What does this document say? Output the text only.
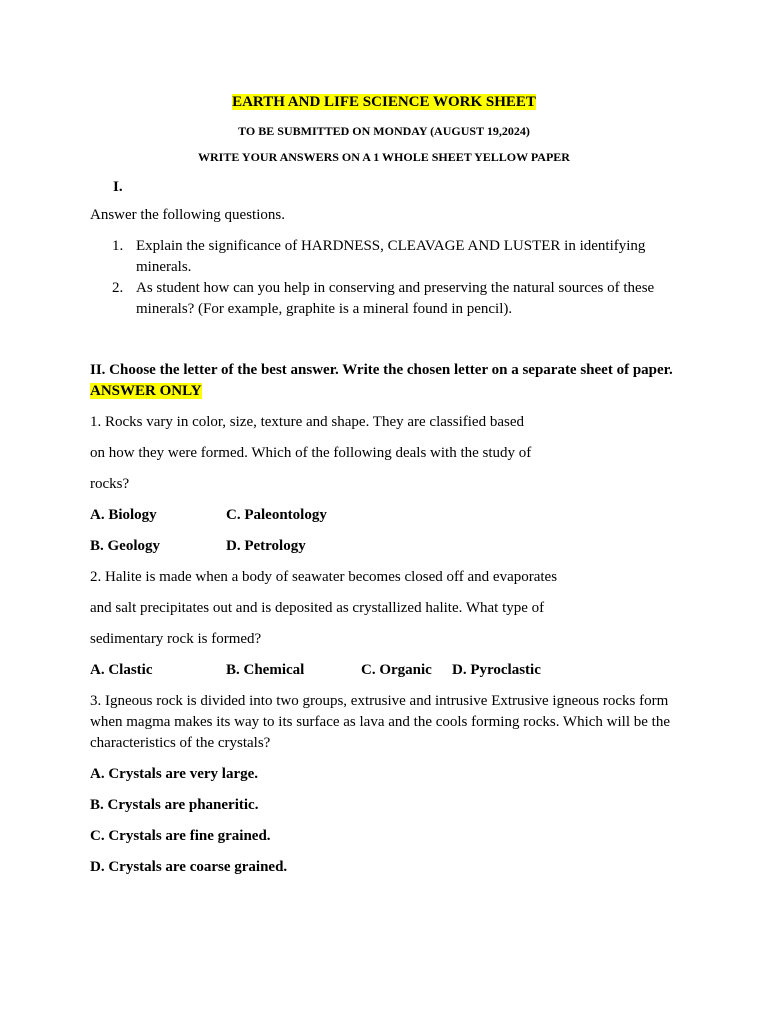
EARTH AND LIFE SCIENCE WORK SHEET
TO BE SUBMITTED ON MONDAY (AUGUST 19,2024)
WRITE YOUR ANSWERS ON A 1 WHOLE SHEET YELLOW PAPER
I.
Answer the following questions.
1. Explain the significance of HARDNESS, CLEAVAGE AND LUSTER in identifying minerals.
2. As student how can you help in conserving and preserving the natural sources of these minerals? (For example, graphite is a mineral found in pencil).
II. Choose the letter of the best answer. Write the chosen letter on a separate sheet of paper.
ANSWER ONLY
1. Rocks vary in color, size, texture and shape. They are classified based
on how they were formed. Which of the following deals with the study of
rocks?
A. Biology	C. Paleontology
B. Geology	D. Petrology
2. Halite is made when a body of seawater becomes closed off and evaporates
and salt precipitates out and is deposited as crystallized halite. What type of
sedimentary rock is formed?
A. Clastic	B. Chemical	C. Organic D. Pyroclastic
3. Igneous rock is divided into two groups, extrusive and intrusive Extrusive igneous rocks form when magma makes its way to its surface as lava and the cools forming rocks. Which will be the characteristics of the crystals?
A. Crystals are very large.
B. Crystals are phaneritic.
C. Crystals are fine grained.
D. Crystals are coarse grained.
